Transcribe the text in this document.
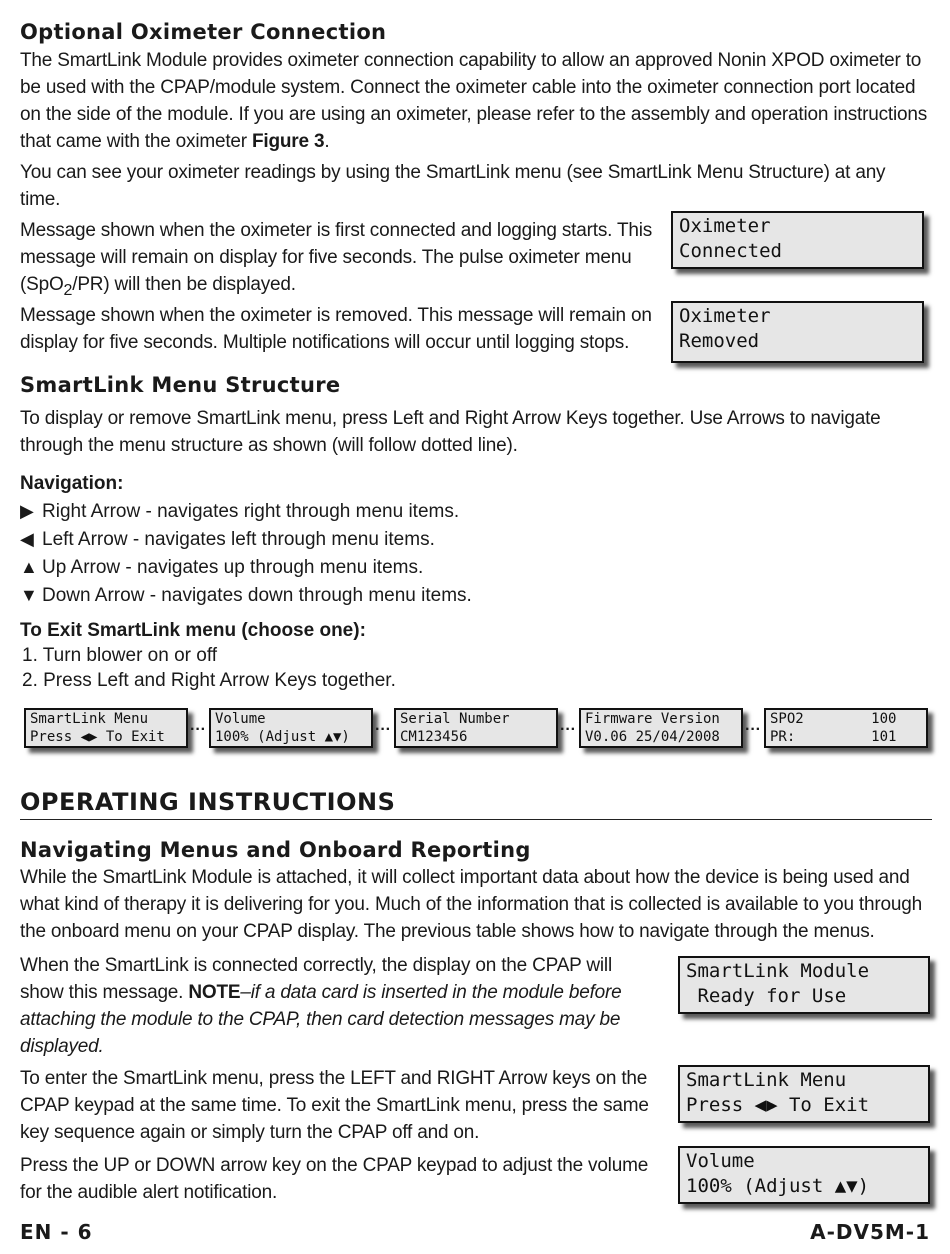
Optional Oximeter Connection

The SmartLink Module provides oximeter connection capability to allow an approved Nonin XPOD oximeter to be used with the CPAP/module system. Connect the oximeter cable into the oximeter connection port located on the side of the module. If you are using an oximeter, please refer to the assembly and operation instructions that came with the oximeter Figure 3.

You can see your oximeter readings by using the SmartLink menu (see SmartLink Menu Structure) at any time.

Message shown when the oximeter is first connected and logging starts. This message will remain on display for five seconds. The pulse oximeter menu (SpO$_2$/PR) will then be displayed.

Message shown when the oximeter is removed. This message will remain on display for five seconds. Multiple notifications will occur until logging stops.

Oximeter
Connected
Oximeter
Removed
SmartLink Menu Structure

To display or remove SmartLink menu, press Left and Right Arrow Keys together. Use Arrows to navigate through the menu structure as shown (will follow dotted line).

Navigation:
▶ Right Arrow - navigates right through menu items.
◀ Left Arrow - navigates left through menu items.
▲ Up Arrow - navigates up through menu items.
▼ Down Arrow - navigates down through menu items.
To Exit SmartLink menu (choose one):
1. Turn blower on or off
2. Press Left and Right Arrow Keys together.
SmartLink Menu
Press ◀▶ To Exit	···
Volume
100% (Adjust ▲▼)	···
Serial Number
CM123456	···
Firmware Version
V0.06 25/04/2008	···
SPO2        100
PR:         101
OPERATING INSTRUCTIONS
Navigating Menus and Onboard Reporting

While the SmartLink Module is attached, it will collect important data about how the device is being used and what kind of therapy it is delivering for you. Much of the information that is collected is available to you through the onboard menu on your CPAP display. The previous table shows how to navigate through the menus.

When the SmartLink is connected correctly, the display on the CPAP will show this message. NOTE–if a data card is inserted in the module before attaching the module to the CPAP, then card detection messages may be displayed.

To enter the SmartLink menu, press the LEFT and RIGHT Arrow keys on the CPAP keypad at the same time. To exit the SmartLink menu, press the same key sequence again or simply turn the CPAP off and on.

Press the UP or DOWN arrow key on the CPAP keypad to adjust the volume for the audible alert notification.

SmartLink Module
Ready for Use
SmartLink Menu
Press ◀▶ To Exit
Volume
100% (Adjust ▲▼)
EN - 6	A-DV5M-1
